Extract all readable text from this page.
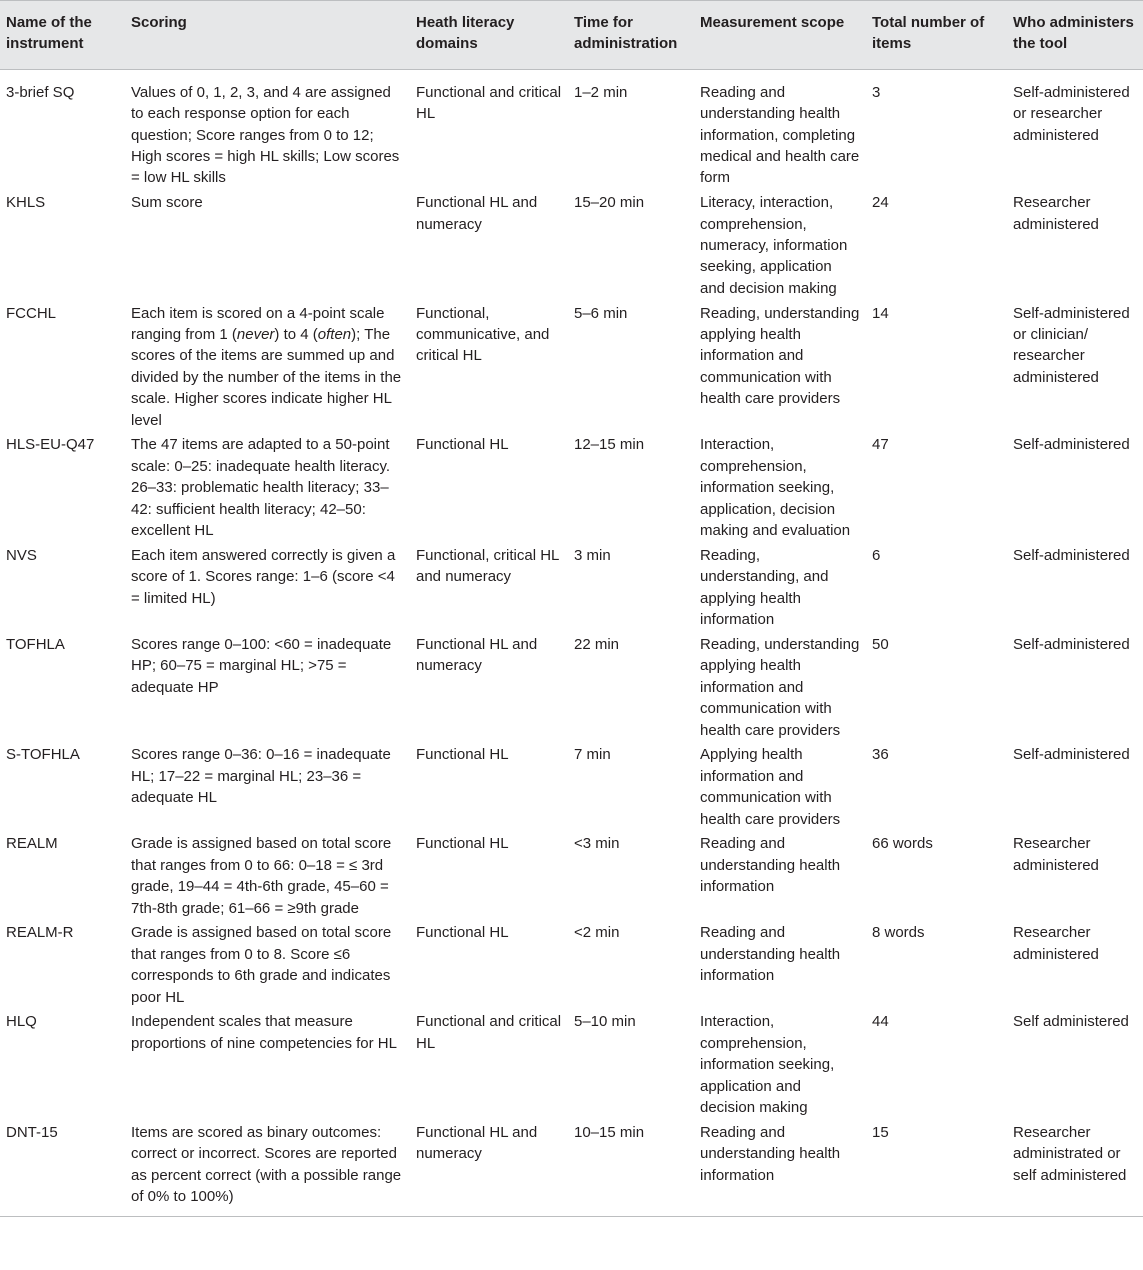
Name of the instrument	Scoring	Heath literacy domains	Time for administration	Measurement scope	Total number of items	Who administers the tool
3-brief SQ	Values of 0, 1, 2, 3, and 4 are assigned to each response option for each question; Score ranges from 0 to 12; High scores = high HL skills; Low scores = low HL skills	Functional and critical HL	1–2 min	Reading and understanding health information, completing medical and health care form	3	Self-administered or researcher administered
KHLS	Sum score	Functional HL and numeracy	15–20 min	Literacy, interaction, comprehension, numeracy, information seeking, application and decision making	24	Researcher administered
FCCHL	Each item is scored on a 4-point scale ranging from 1 (never) to 4 (often); The scores of the items are summed up and divided by the number of the items in the scale. Higher scores indicate higher HL level	Functional, communicative, and critical HL	5–6 min	Reading, understanding applying health information and communication with health care providers	14	Self-administered or clinician/ researcher administered
HLS-EU-Q47	The 47 items are adapted to a 50-point scale: 0–25: inadequate health literacy. 26–33: problematic health literacy; 33–42: sufficient health literacy; 42–50: excellent HL	Functional HL	12–15 min	Interaction, comprehension, information seeking, application, decision making and evaluation	47	Self-administered
NVS	Each item answered correctly is given a score of 1. Scores range: 1–6 (score <4 = limited HL)	Functional, critical HL and numeracy	3 min	Reading, understanding, and applying health information	6	Self-administered
TOFHLA	Scores range 0–100: <60 = inadequate HP; 60–75 = marginal HL; >75 = adequate HP	Functional HL and numeracy	22 min	Reading, understanding applying health information and communication with health care providers	50	Self-administered
S-TOFHLA	Scores range 0–36: 0–16 = inadequate HL; 17–22 = marginal HL; 23–36 = adequate HL	Functional HL	7 min	Applying health information and communication with health care providers	36	Self-administered
REALM	Grade is assigned based on total score that ranges from 0 to 66: 0–18 = ≤ 3rd grade, 19–44 = 4th-6th grade, 45–60 = 7th-8th grade; 61–66 = ≥9th grade	Functional HL	<3 min	Reading and understanding health information	66 words	Researcher administered
REALM-R	Grade is assigned based on total score that ranges from 0 to 8. Score ≤6 corresponds to 6th grade and indicates poor HL	Functional HL	<2 min	Reading and understanding health information	8 words	Researcher administered
HLQ	Independent scales that measure proportions of nine competencies for HL	Functional and critical HL	5–10 min	Interaction, comprehension, information seeking, application and decision making	44	Self administered
DNT-15	Items are scored as binary outcomes: correct or incorrect. Scores are reported as percent correct (with a possible range of 0% to 100%)	Functional HL and numeracy	10–15 min	Reading and understanding health information	15	Researcher administrated or self administered
